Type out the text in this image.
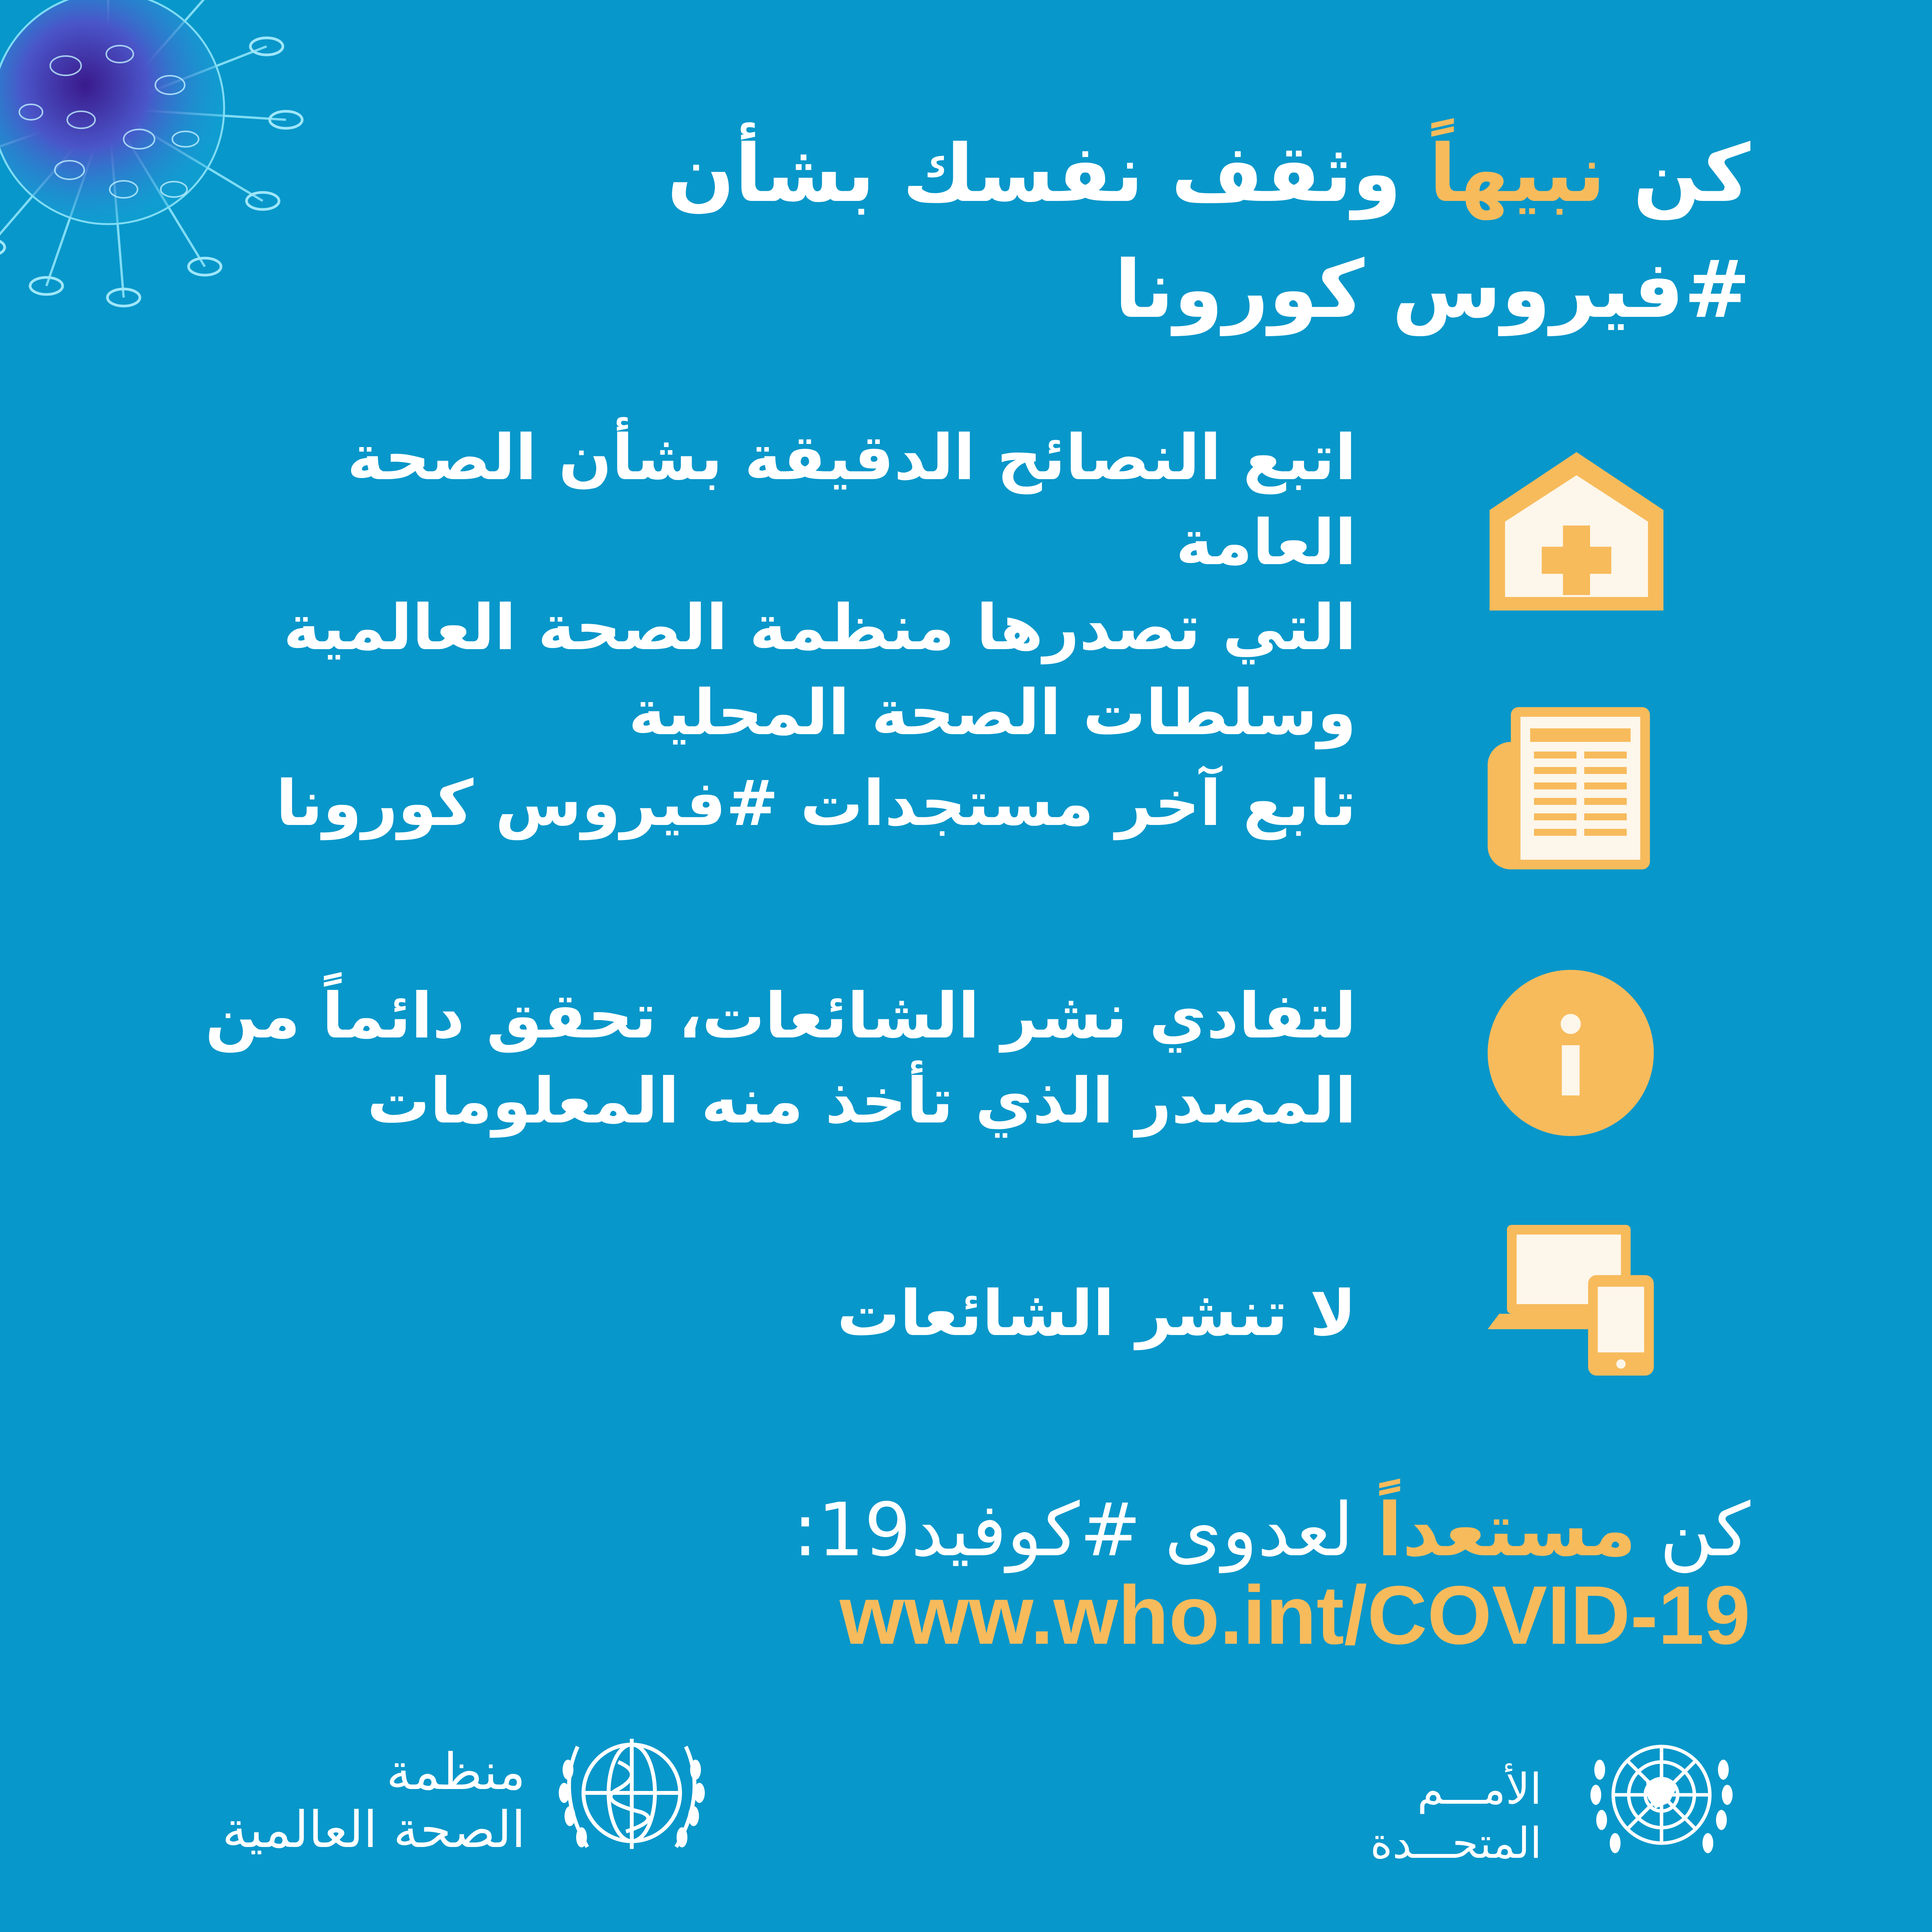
كن نبيهاً وثقف نفسك بشأن
#فيروس كورونا
اتبع النصائح الدقيقة بشأن الصحة العامة
التي تصدرها منظمة الصحة العالمية
وسلطات الصحة المحلية
تابع آخر مستجدات #فيروس كورونا
لتفادي نشر الشائعات، تحقق دائماً من
المصدر الذي تأخذ منه المعلومات
لا تنشر الشائعات
كن مستعداً لعدوى #كوفيد19:
www.who.int/COVID-19
منظمة
الصحة العالمية
الأمـــم المتحـــدة
